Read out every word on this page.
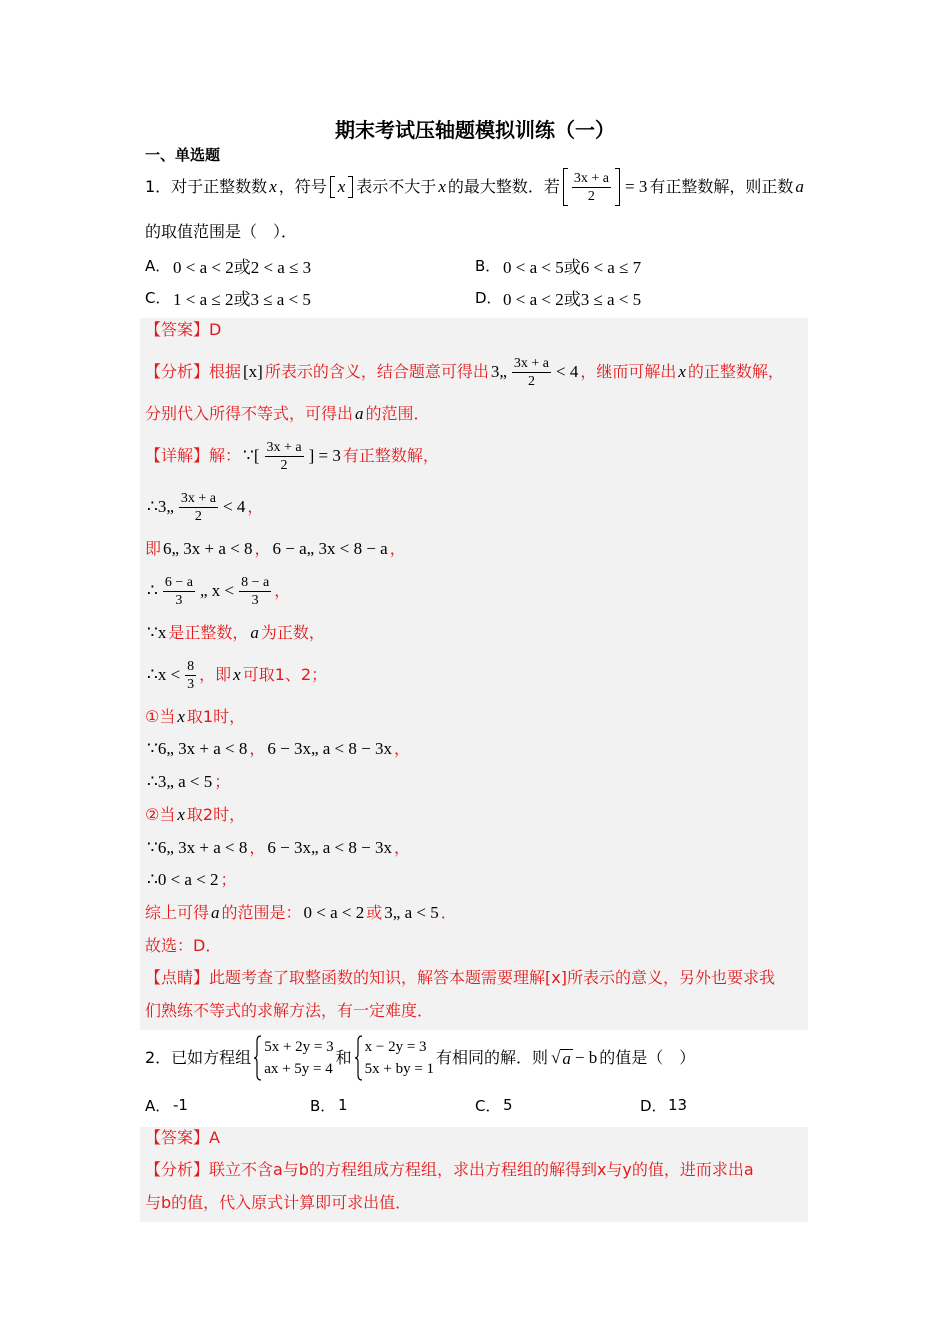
期末考试压轴题模拟训练（一）
一、单选题
1．对于正整数数 x ，符号 x 表示不大于 x 的最大整数．若 $\frac{3x + a}{2} = 3$ 有正整数解，则正数 a
的取值范围是（　）．
A． 0 < a < 2或2 < a ≤ 3	B． 0 < a < 5或6 < a ≤ 7
C． 1 < a ≤ 2或3 ≤ a < 5	D． 0 < a < 2或3 ≤ a < 5
【答案】D
【分析】根据 [x] 所表示的含义，结合题意可得出 3„ $\frac{3x + a}{2} < 4$ ，继而可解出 x 的正整数解，
分别代入所得不等式，可得出 a 的范围．
【详解】解： ∵[ $\frac{3x + a}{2}$ ] = 3 有正整数解，
∴3„ $\frac{3x + a}{2} < 4$ ，
即 6„ 3x + a < 8 ， 6 − a„ 3x < 8 − a ，
∴ $\frac{6 - a}{3}$ „ $x < \frac{8 - a}{3}$ ，
∵x 是正整数， a 为正数，
∴x < $\frac{8}{3}$ ，即 x 可取1、2；
①当 x 取1时，
∵6„ 3x + a < 8 ， 6 − 3x„ a < 8 − 3x ，
∴3„ a < 5 ；
②当 x 取2时，
∵6„ 3x + a < 8 ， 6 − 3x„ a < 8 − 3x ，
∴0 < a < 2 ；
综上可得 a 的范围是： 0 < a < 2 或 3„ a < 5 ．
故选：D．
【点睛】此题考查了取整函数的知识，解答本题需要理解[x]所表示的意义，另外也要求我
们熟练不等式的求解方法，有一定难度．
2．已如方程组
5x + 2y = 3
ax + 5y = 4
和
x − 2y = 3
5x + by = 1
有相同的解．则 √ a − b 的值是（　）
A． -1	B． 1	C． 5	D． 13
【答案】A
【分析】联立不含a与b的方程组成方程组，求出方程组的解得到x与y的值，进而求出a
与b的值，代入原式计算即可求出值．
